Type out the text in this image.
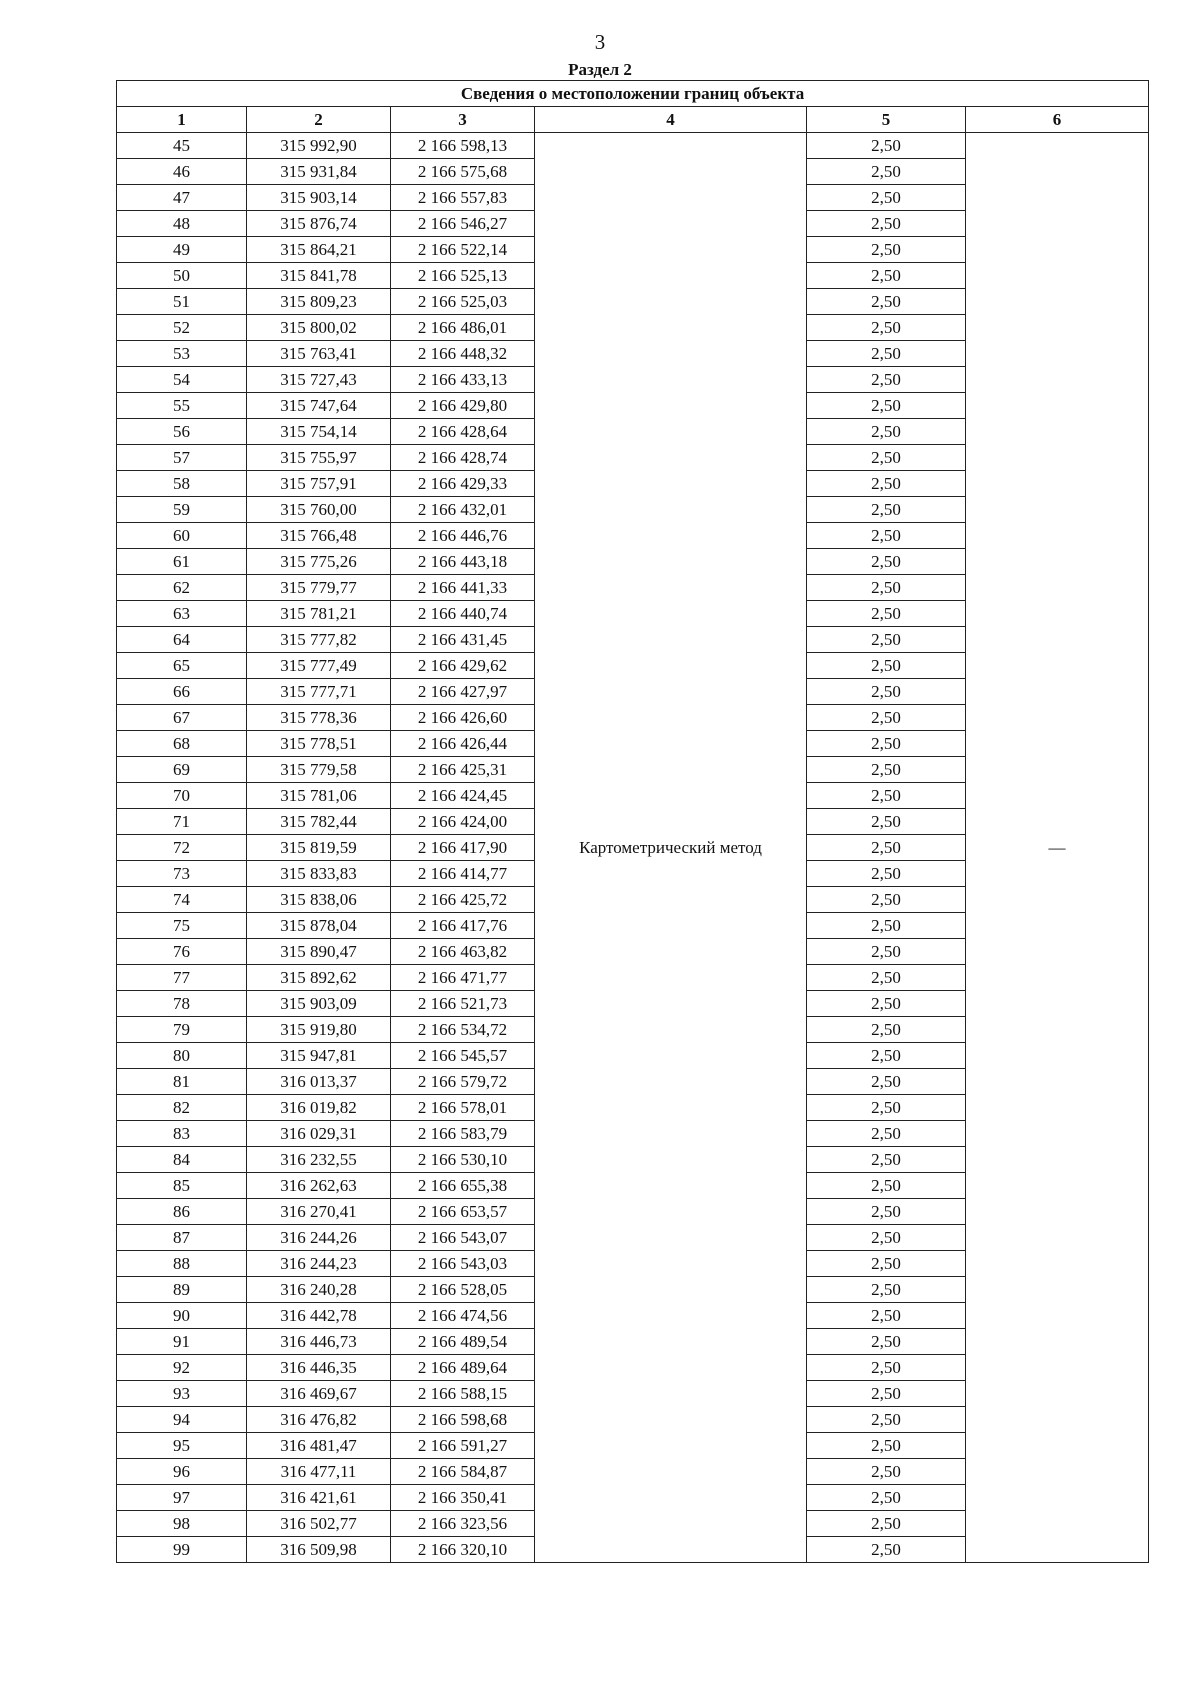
3
Раздел 2
Сведения о местоположении границ объекта					
1	2	3	4	5	6
45	315 992,90	2 166 598,13	Картометрический метод	2,50	—
46	315 931,84	2 166 575,68		2,50	
47	315 903,14	2 166 557,83		2,50	
48	315 876,74	2 166 546,27		2,50	
49	315 864,21	2 166 522,14		2,50	
50	315 841,78	2 166 525,13		2,50	
51	315 809,23	2 166 525,03		2,50	
52	315 800,02	2 166 486,01		2,50	
53	315 763,41	2 166 448,32		2,50	
54	315 727,43	2 166 433,13		2,50	
55	315 747,64	2 166 429,80		2,50	
56	315 754,14	2 166 428,64		2,50	
57	315 755,97	2 166 428,74		2,50	
58	315 757,91	2 166 429,33		2,50	
59	315 760,00	2 166 432,01		2,50	
60	315 766,48	2 166 446,76		2,50	
61	315 775,26	2 166 443,18		2,50	
62	315 779,77	2 166 441,33		2,50	
63	315 781,21	2 166 440,74		2,50	
64	315 777,82	2 166 431,45		2,50	
65	315 777,49	2 166 429,62		2,50	
66	315 777,71	2 166 427,97		2,50	
67	315 778,36	2 166 426,60		2,50	
68	315 778,51	2 166 426,44		2,50	
69	315 779,58	2 166 425,31		2,50	
70	315 781,06	2 166 424,45		2,50	
71	315 782,44	2 166 424,00		2,50	
72	315 819,59	2 166 417,90		2,50	
73	315 833,83	2 166 414,77		2,50	
74	315 838,06	2 166 425,72		2,50	
75	315 878,04	2 166 417,76		2,50	
76	315 890,47	2 166 463,82		2,50	
77	315 892,62	2 166 471,77		2,50	
78	315 903,09	2 166 521,73		2,50	
79	315 919,80	2 166 534,72		2,50	
80	315 947,81	2 166 545,57		2,50	
81	316 013,37	2 166 579,72		2,50	
82	316 019,82	2 166 578,01		2,50	
83	316 029,31	2 166 583,79		2,50	
84	316 232,55	2 166 530,10		2,50	
85	316 262,63	2 166 655,38		2,50	
86	316 270,41	2 166 653,57		2,50	
87	316 244,26	2 166 543,07		2,50	
88	316 244,23	2 166 543,03		2,50	
89	316 240,28	2 166 528,05		2,50	
90	316 442,78	2 166 474,56		2,50	
91	316 446,73	2 166 489,54		2,50	
92	316 446,35	2 166 489,64		2,50	
93	316 469,67	2 166 588,15		2,50	
94	316 476,82	2 166 598,68		2,50	
95	316 481,47	2 166 591,27		2,50	
96	316 477,11	2 166 584,87		2,50	
97	316 421,61	2 166 350,41		2,50	
98	316 502,77	2 166 323,56		2,50	
99	316 509,98	2 166 320,10		2,50	
